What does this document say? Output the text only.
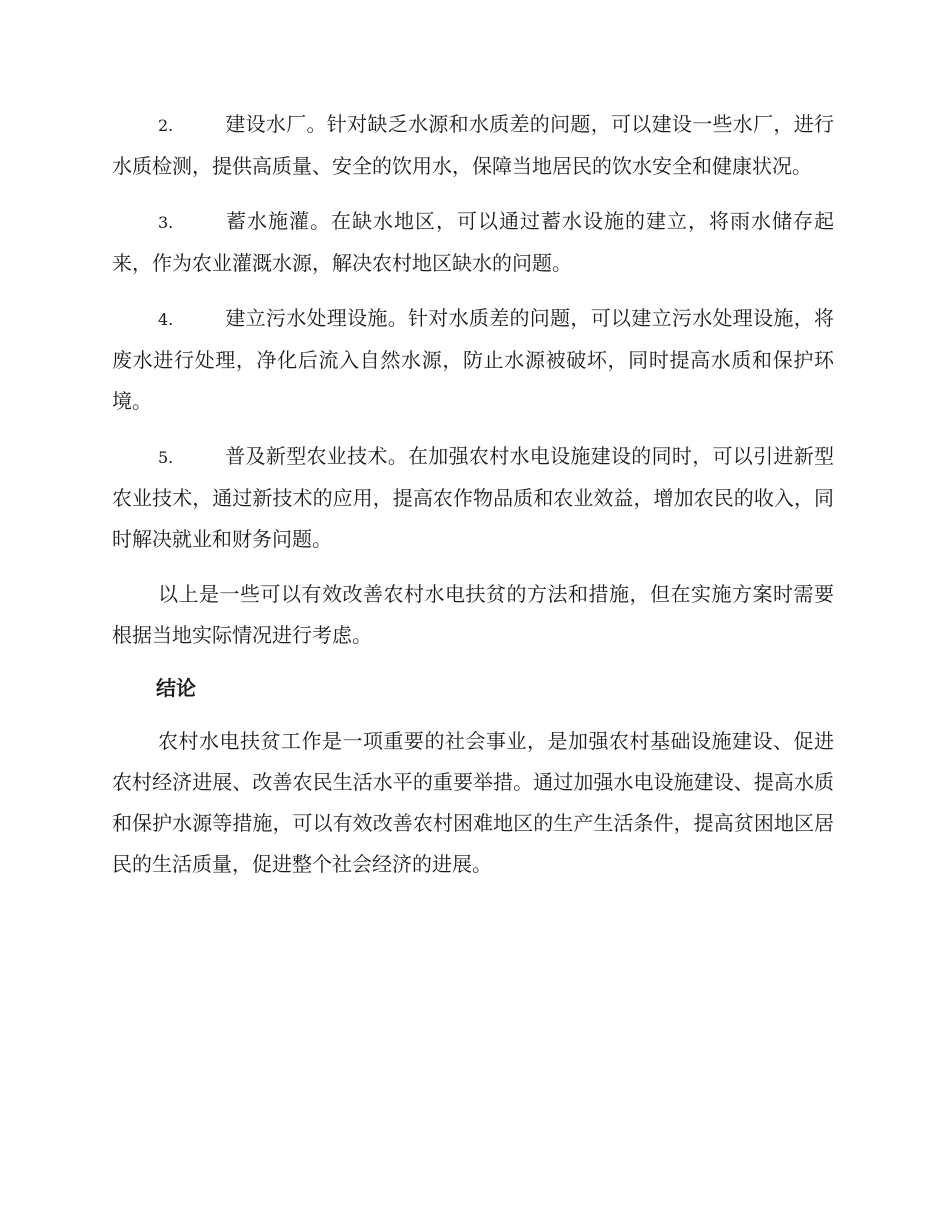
2.	建设水厂。针对缺乏水源和水质差的问题，可以建设一些水厂，进行水质检测，提供高质量、安全的饮用水，保障当地居民的饮水安全和健康状况。

3.	蓄水施灌。在缺水地区，可以通过蓄水设施的建立，将雨水储存起来，作为农业灌溉水源，解决农村地区缺水的问题。

4.	建立污水处理设施。针对水质差的问题，可以建立污水处理设施，将废水进行处理，净化后流入自然水源，防止水源被破坏，同时提高水质和保护环境。

5.	普及新型农业技术。在加强农村水电设施建设的同时，可以引进新型农业技术，通过新技术的应用，提高农作物品质和农业效益，增加农民的收入，同时解决就业和财务问题。

以上是一些可以有效改善农村水电扶贫的方法和措施，但在实施方案时需要根据当地实际情况进行考虑。

结论

农村水电扶贫工作是一项重要的社会事业，是加强农村基础设施建设、促进农村经济进展、改善农民生活水平的重要举措。通过加强水电设施建设、提高水质和保护水源等措施，可以有效改善农村困难地区的生产生活条件，提高贫困地区居民的生活质量，促进整个社会经济的进展。
